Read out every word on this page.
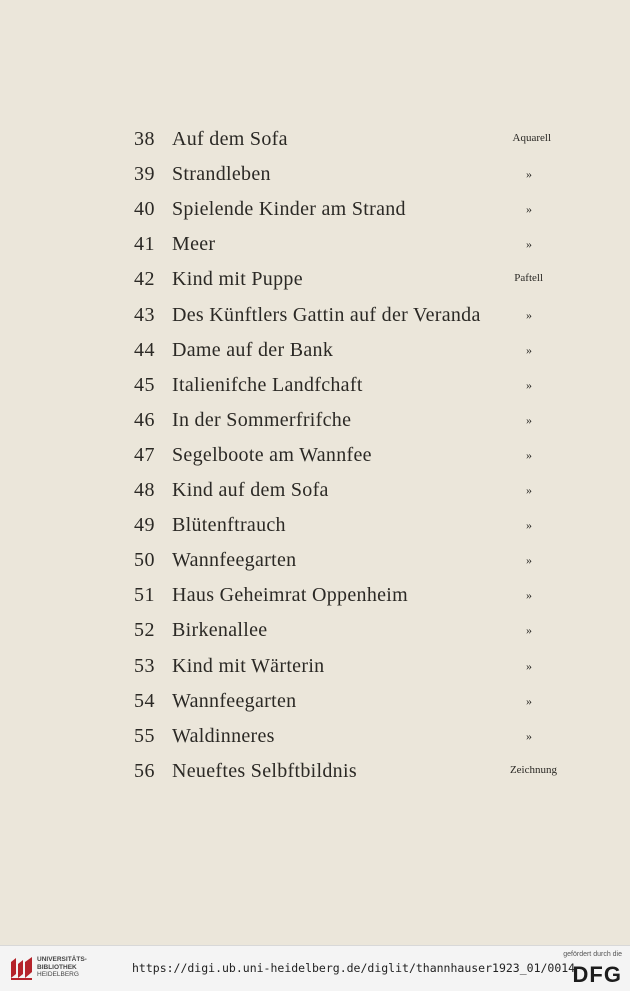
38 Auf dem Sofa	Aquarell
39 Strandleben	»
40 Spielende Kinder am Strand	»
41 Meer	»
42 Kind mit Puppe	Paftell
43 Des Künftlers Gattin auf der Veranda	»
44 Dame auf der Bank	»
45 Italienifche Landfchaft	»
46 In der Sommerfrifche	»
47 Segelboote am Wannfee	»
48 Kind auf dem Sofa	»
49 Blütenftrauch	»
50 Wannfeegarten	»
51 Haus Geheimrat Oppenheim	»
52 Birkenallee	»
53 Kind mit Wärterin	»
54 Wannfeegarten	»
55 Waldinneres	»
56 Neueftes Selbftbildnis	Zeichnung
UNIVERSITÄTS-
BIBLIOTHEK
HEIDELBERG	https://digi.ub.uni-heidelberg.de/diglit/thannhauser1923_01/0014
gefördert durch die
DFG
